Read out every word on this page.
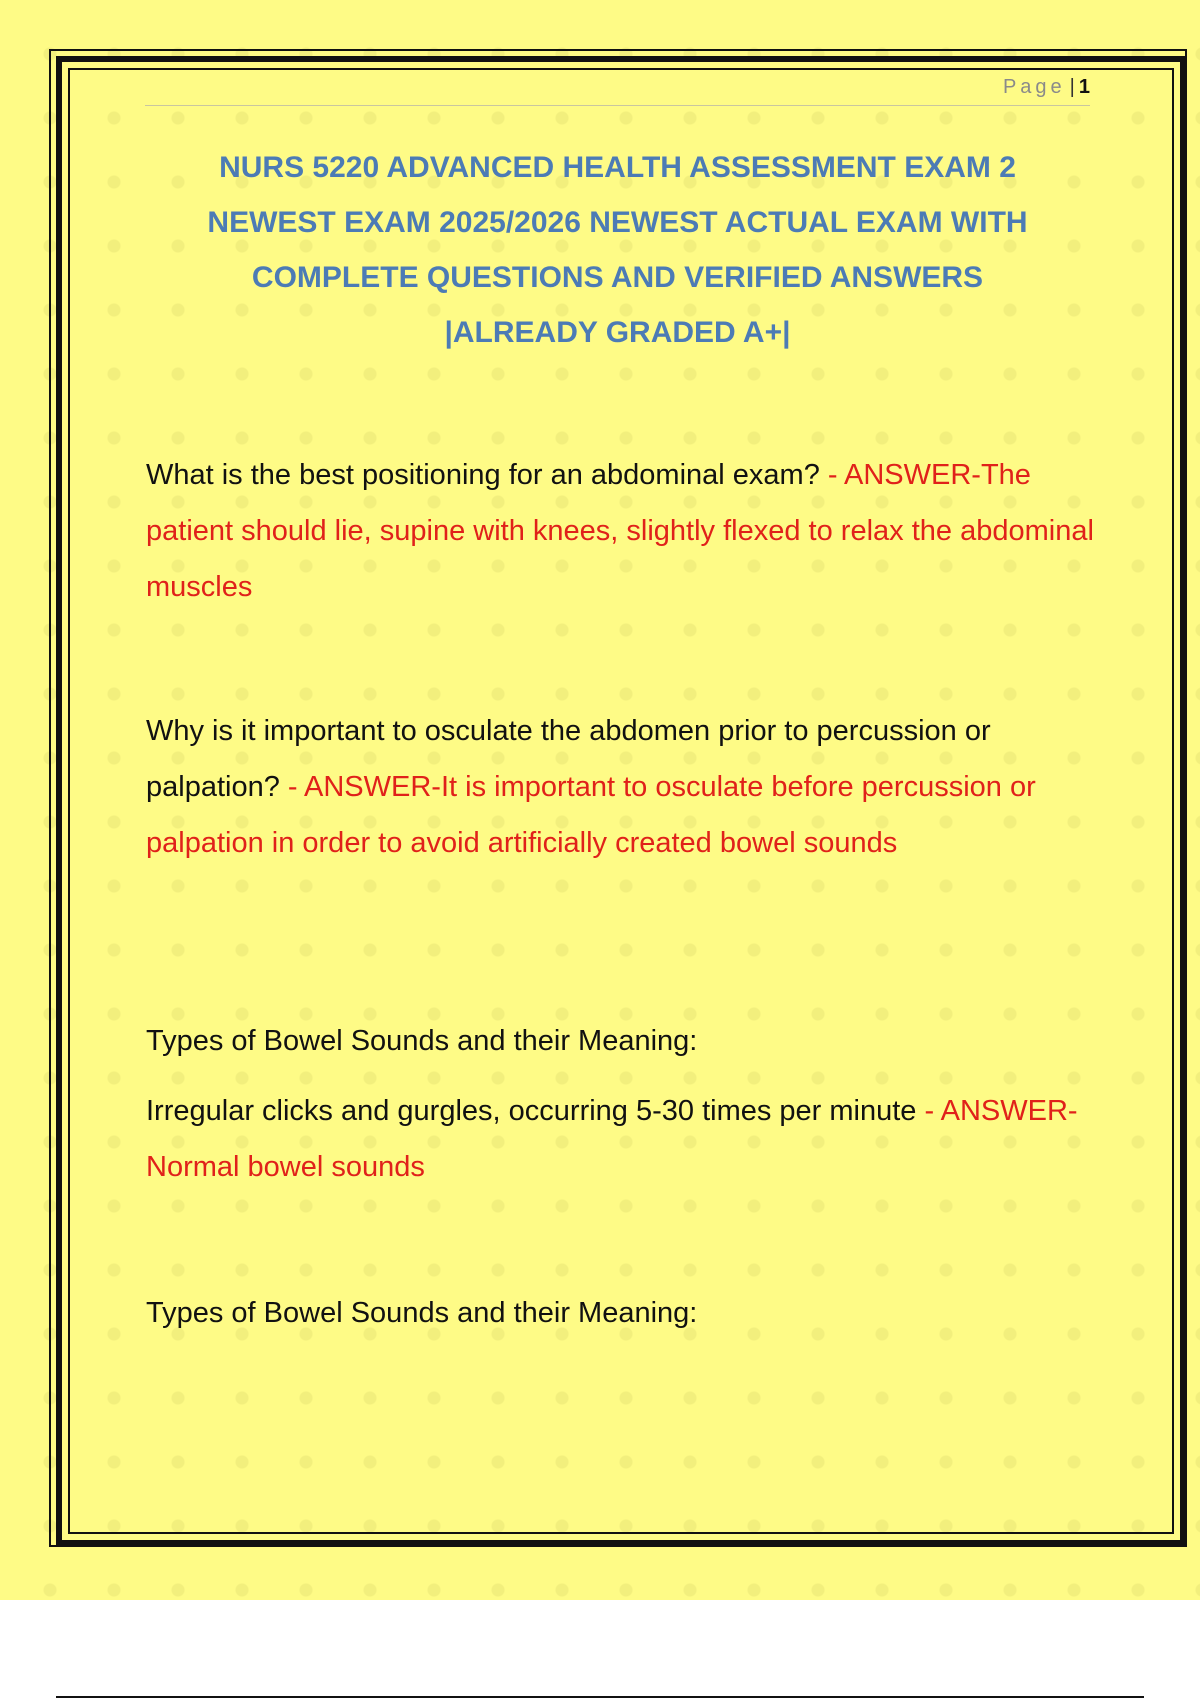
Page | 1
NURS 5220 ADVANCED HEALTH ASSESSMENT EXAM 2
NEWEST EXAM 2025/2026 NEWEST ACTUAL EXAM WITH
COMPLETE QUESTIONS AND VERIFIED ANSWERS
|ALREADY GRADED A+|
What is the best positioning for an abdominal exam? - ANSWER-The patient should lie, supine with knees, slightly flexed to relax the abdominal muscles
Why is it important to osculate the abdomen prior to percussion or palpation? - ANSWER-It is important to osculate before percussion or palpation in order to avoid artificially created bowel sounds
Types of Bowel Sounds and their Meaning:
Irregular clicks and gurgles, occurring 5-30 times per minute - ANSWER-Normal bowel sounds
Types of Bowel Sounds and their Meaning:
